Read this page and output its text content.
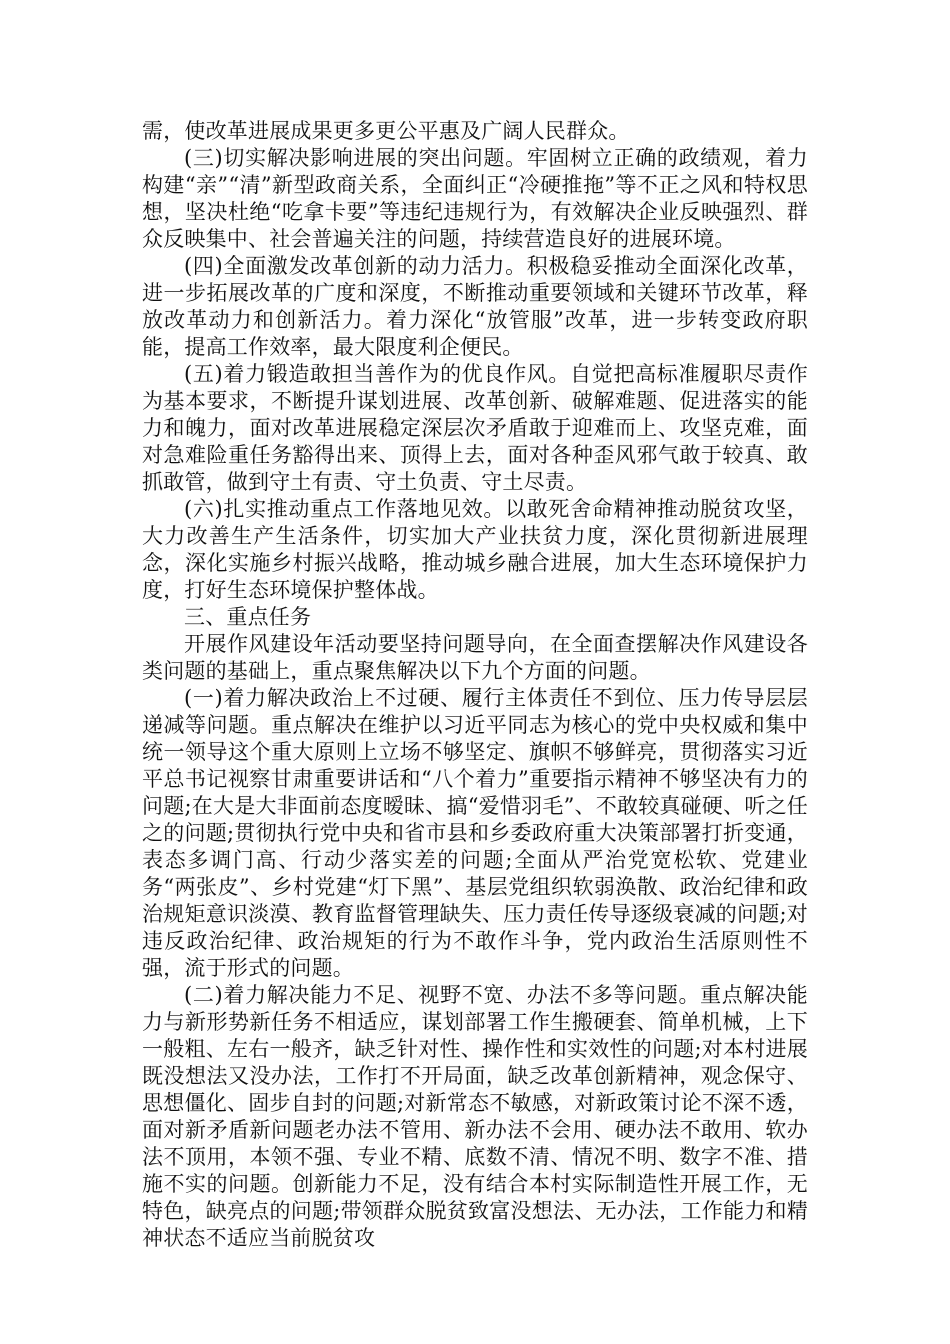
需，使改革进展成果更多更公平惠及广阔人民群众。

(三)切实解决影响进展的突出问题。牢固树立正确的政绩观，着力构建“亲”“清”新型政商关系，全面纠正“冷硬推拖”等不正之风和特权思想，坚决杜绝“吃拿卡要”等违纪违规行为，有效解决企业反映强烈、群众反映集中、社会普遍关注的问题，持续营造良好的进展环境。

(四)全面激发改革创新的动力活力。积极稳妥推动全面深化改革，进一步拓展改革的广度和深度，不断推动重要领域和关键环节改革，释放改革动力和创新活力。着力深化“放管服”改革，进一步转变政府职能，提高工作效率，最大限度利企便民。

(五)着力锻造敢担当善作为的优良作风。自觉把高标准履职尽责作为基本要求，不断提升谋划进展、改革创新、破解难题、促进落实的能力和魄力，面对改革进展稳定深层次矛盾敢于迎难而上、攻坚克难，面对急难险重任务豁得出来、顶得上去，面对各种歪风邪气敢于较真、敢抓敢管，做到守土有责、守土负责、守土尽责。

(六)扎实推动重点工作落地见效。以敢死舍命精神推动脱贫攻坚，大力改善生产生活条件，切实加大产业扶贫力度，深化贯彻新进展理念，深化实施乡村振兴战略，推动城乡融合进展，加大生态环境保护力度，打好生态环境保护整体战。

三、重点任务

开展作风建设年活动要坚持问题导向，在全面查摆解决作风建设各类问题的基础上，重点聚焦解决以下九个方面的问题。

(一)着力解决政治上不过硬、履行主体责任不到位、压力传导层层递减等问题。重点解决在维护以习近平同志为核心的党中央权威和集中统一领导这个重大原则上立场不够坚定、旗帜不够鲜亮，贯彻落实习近平总书记视察甘肃重要讲话和“八个着力”重要指示精神不够坚决有力的问题;在大是大非面前态度暧昧、搞“爱惜羽毛”、不敢较真碰硬、听之任之的问题;贯彻执行党中央和省市县和乡委政府重大决策部署打折变通，表态多调门高、行动少落实差的问题;全面从严治党宽松软、党建业务“两张皮”、乡村党建“灯下黑”、基层党组织软弱涣散、政治纪律和政治规矩意识淡漠、教育监督管理缺失、压力责任传导逐级衰减的问题;对违反政治纪律、政治规矩的行为不敢作斗争，党内政治生活原则性不强，流于形式的问题。

(二)着力解决能力不足、视野不宽、办法不多等问题。重点解决能力与新形势新任务不相适应，谋划部署工作生搬硬套、简单机械，上下一般粗、左右一般齐，缺乏针对性、操作性和实效性的问题;对本村进展既没想法又没办法，工作打不开局面，缺乏改革创新精神，观念保守、思想僵化、固步自封的问题;对新常态不敏感，对新政策讨论不深不透，面对新矛盾新问题老办法不管用、新办法不会用、硬办法不敢用、软办法不顶用，本领不强、专业不精、底数不清、情况不明、数字不准、措施不实的问题。创新能力不足，没有结合本村实际制造性开展工作，无特色，缺亮点的问题;带领群众脱贫致富没想法、无办法，工作能力和精神状态不适应当前脱贫攻
